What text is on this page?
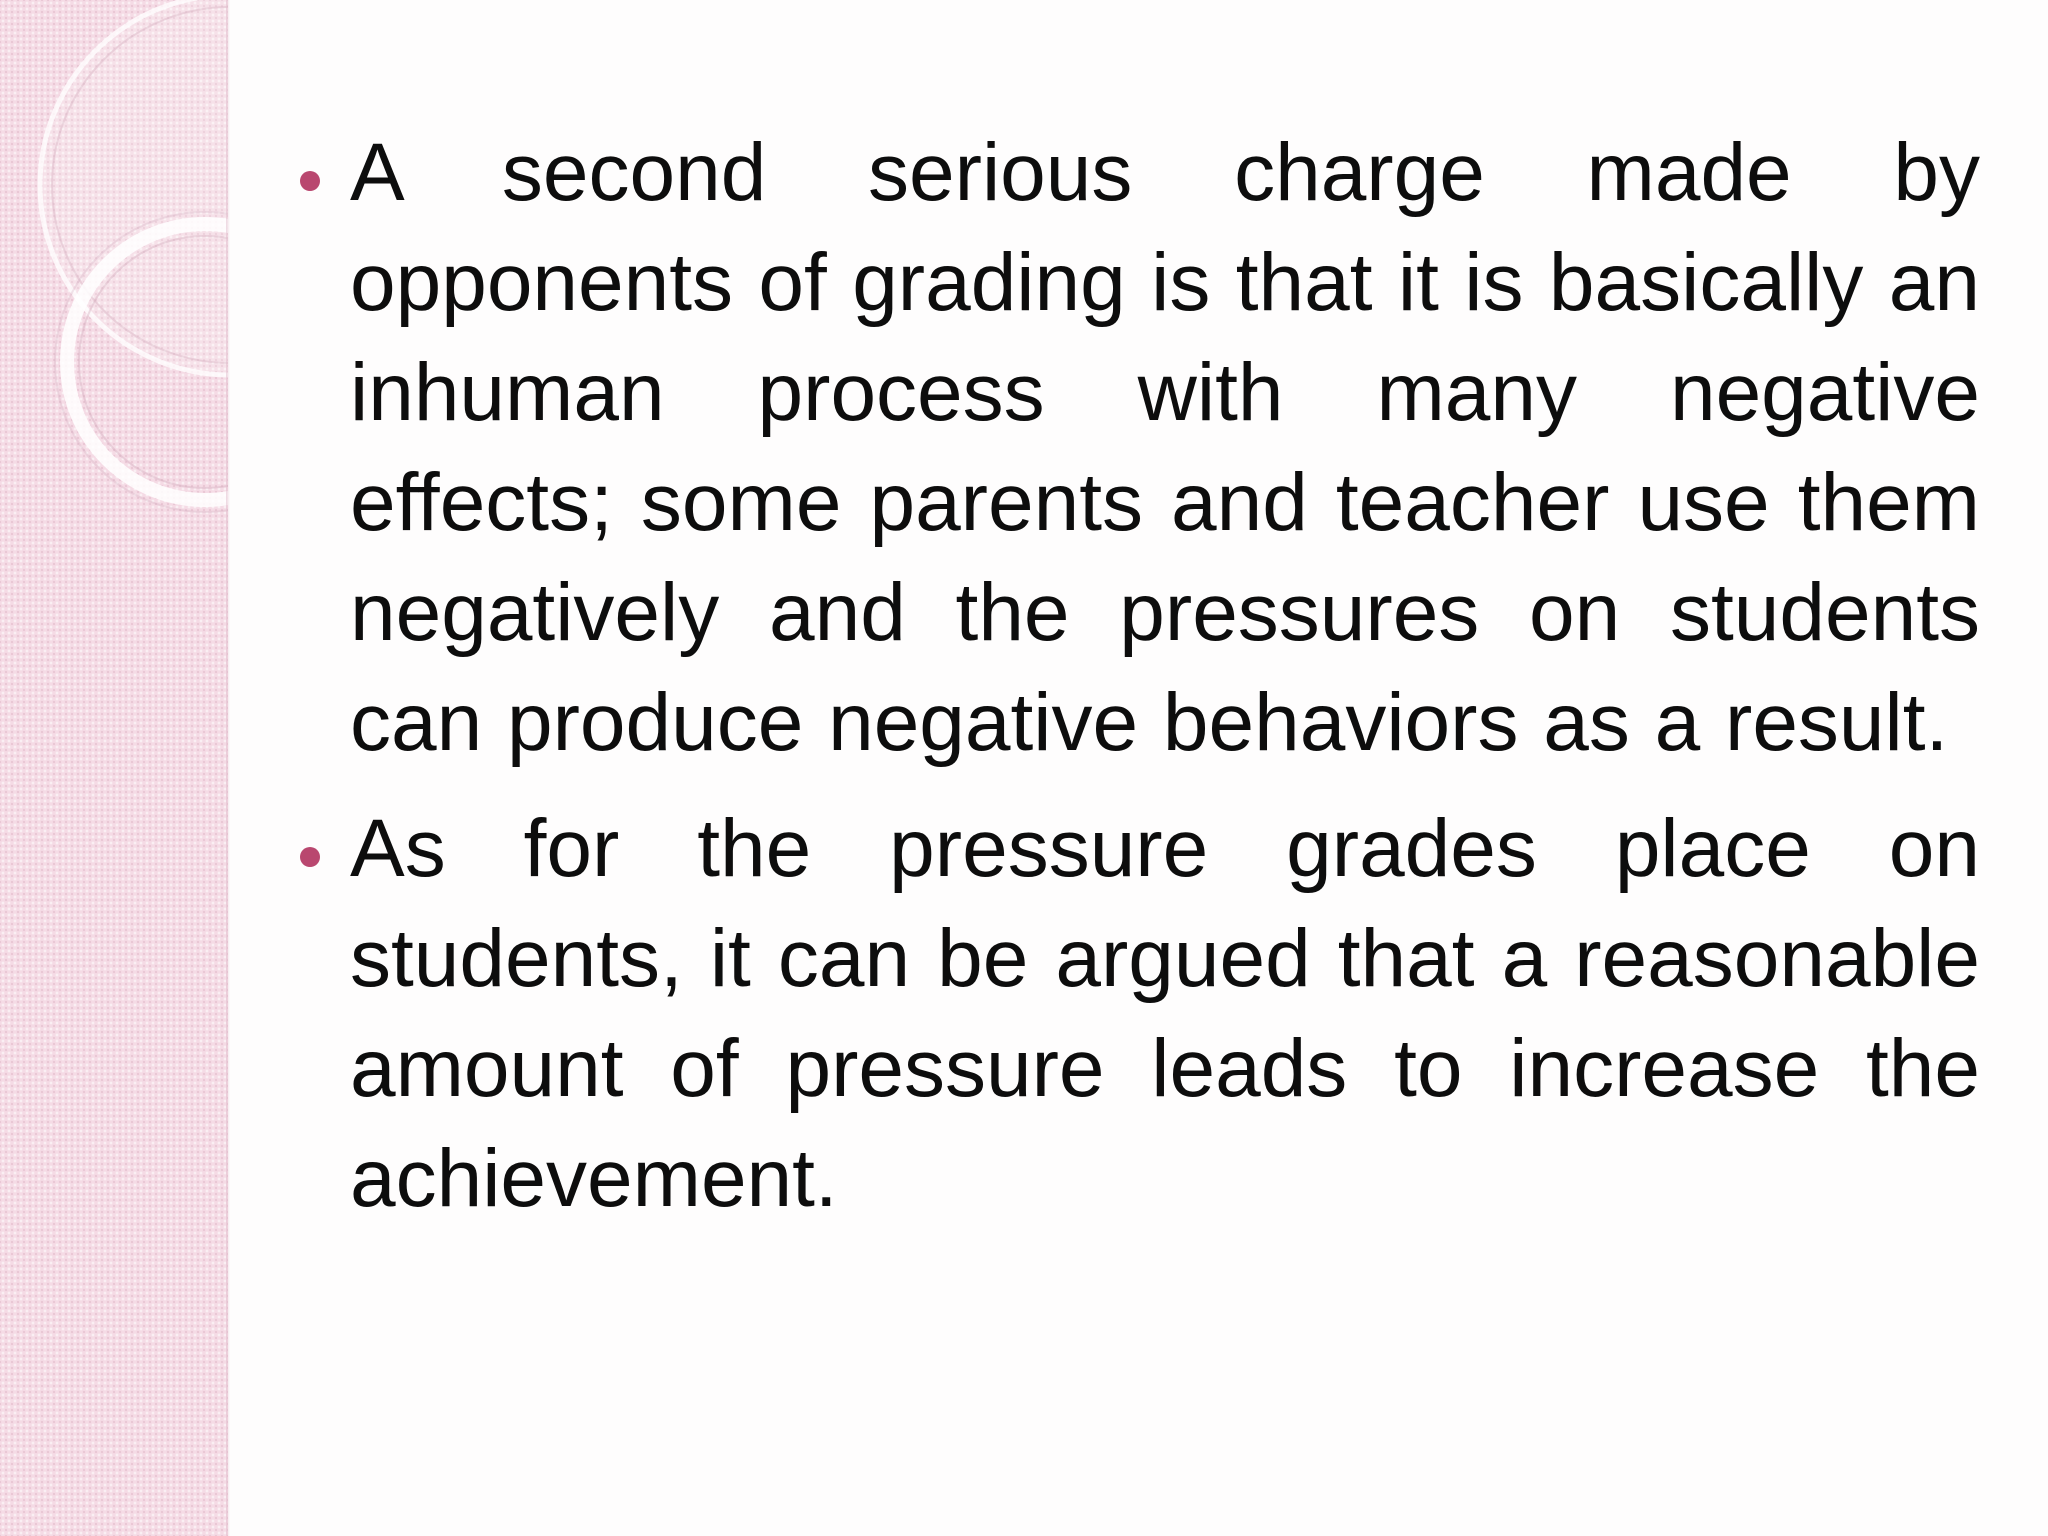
A second serious charge made by opponents of grading is that it is basically an inhuman process with many negative effects; some parents and teacher use them negatively and the pressures on students can produce negative behaviors as a result.
As for the pressure grades place on students, it can be argued that a reasonable amount of pressure leads to increase the achievement.
